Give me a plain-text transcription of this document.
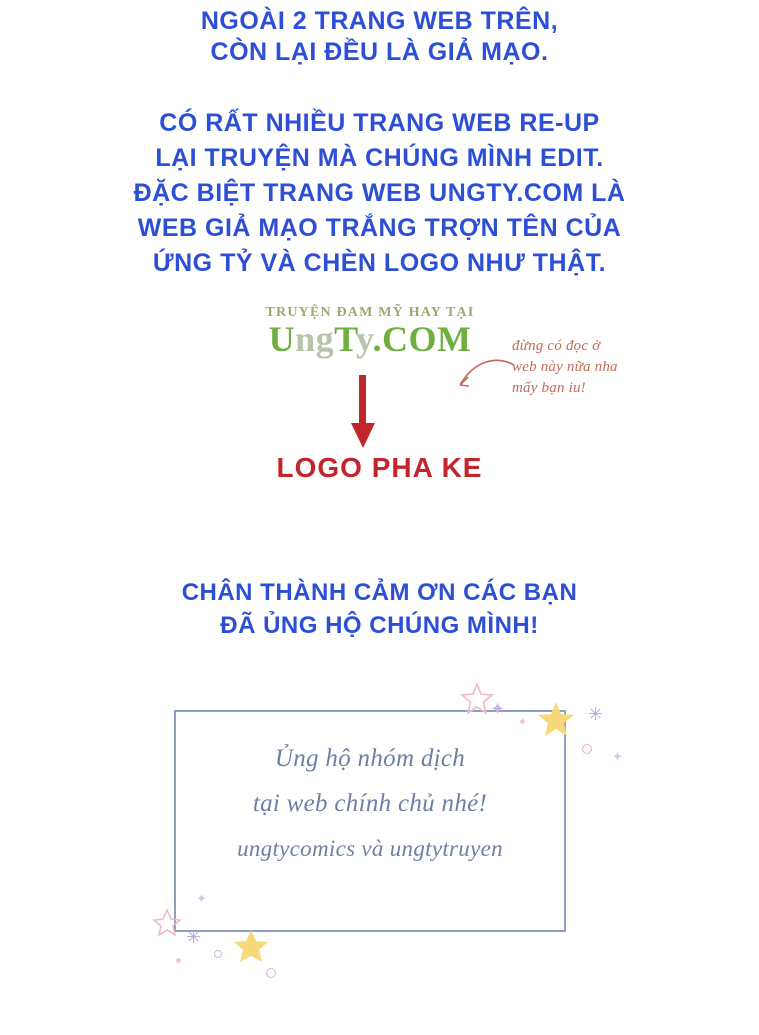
NGOÀI 2 TRANG WEB TRÊN,
CÒN LẠI ĐỀU LÀ GIẢ MẠO.
CÓ RẤT NHIỀU TRANG WEB RE-UP
LẠI TRUYỆN MÀ CHÚNG MÌNH EDIT.
ĐẶC BIỆT TRANG WEB UNGTY.COM LÀ
WEB GIẢ MẠO TRẮNG TRỢN TÊN CỦA
ỨNG TỶ VÀ CHÈN LOGO NHƯ THẬT.
TRUYỆN ĐAM MỸ HAY TẠI
UngTy.COM	đừng có đọc ở
web này nữa nha
mấy bạn iu!
LOGO PHA KE
CHÂN THÀNH CẢM ƠN CÁC BẠN
ĐÃ ỦNG HỘ CHÚNG MÌNH!
Ủng hộ nhóm dịch
tại web chính chủ nhé!
ungtycomics và ungtytruyen
✦	✳
✳
✦
✦
